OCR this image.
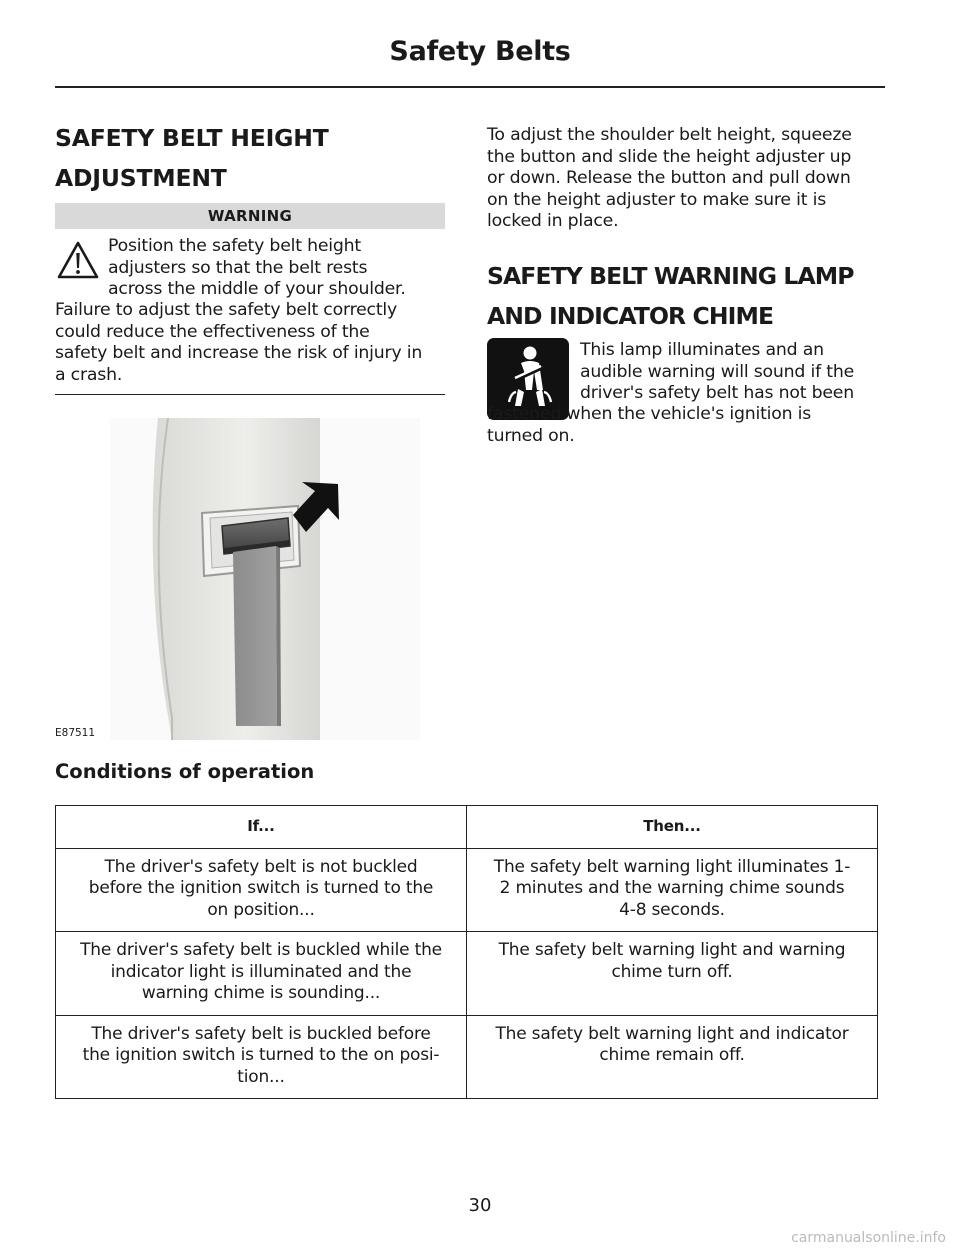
Safety Belts
SAFETY BELT HEIGHT
ADJUSTMENT
WARNING

Position the safety belt height
adjusters so that the belt rests
across the middle of your shoulder.

Failure to adjust the safety belt correctly
could reduce the effectiveness of the
safety belt and increase the risk of injury in
a crash.

E87511

To adjust the shoulder belt height, squeeze
the button and slide the height adjuster up
or down. Release the button and pull down
on the height adjuster to make sure it is
locked in place.

SAFETY BELT WARNING LAMP
AND INDICATOR CHIME

This lamp illuminates and an
audible warning will sound if the
driver's safety belt has not been

fastened when the vehicle's ignition is
turned on.

Conditions of operation
If...	Then...
The driver's safety belt is not buckled
before the ignition switch is turned to the
on position...	The safety belt warning light illuminates 1-
2 minutes and the warning chime sounds
4-8 seconds.
The driver's safety belt is buckled while the
indicator light is illuminated and the
warning chime is sounding...	The safety belt warning light and warning
chime turn off.
The driver's safety belt is buckled before
the ignition switch is turned to the on posi-
tion...	The safety belt warning light and indicator
chime remain off.
30
carmanualsonline.info
